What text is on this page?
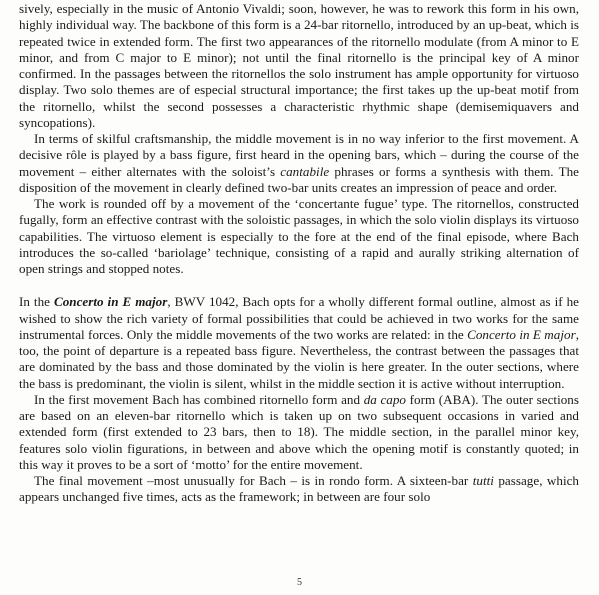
sively, especially in the music of Antonio Vivaldi; soon, however, he was to rework this form in his own, highly individual way. The backbone of this form is a 24-bar ritornello, introduced by an up-beat, which is repeated twice in extended form. The first two appearances of the ritornello modulate (from A minor to E minor, and from C major to E minor); not until the final ritornello is the principal key of A minor confirmed. In the passages between the ritornellos the solo instrument has ample opportunity for virtuoso display. Two solo themes are of especial structural importance; the first takes up the up-beat motif from the ritornello, whilst the second possesses a characteristic rhythmic shape (demisemiquavers and syncopations).

In terms of skilful craftsmanship, the middle movement is in no way inferior to the first movement. A decisive rôle is played by a bass figure, first heard in the opening bars, which – during the course of the movement – either alternates with the soloist’s cantabile phrases or forms a synthesis with them. The disposition of the movement in clearly defined two-bar units creates an impression of peace and order.

The work is rounded off by a movement of the ‘concertante fugue’ type. The ritornellos, constructed fugally, form an effective contrast with the soloistic passages, in which the solo violin displays its virtuoso capabilities. The virtuoso element is especially to the fore at the end of the final episode, where Bach introduces the so-called ‘bariolage’ technique, consisting of a rapid and aurally striking alternation of open strings and stopped notes.

In the Concerto in E major, BWV 1042, Bach opts for a wholly different formal outline, almost as if he wished to show the rich variety of formal possibilities that could be achieved in two works for the same instrumental forces. Only the middle movements of the two works are related: in the Concerto in E major, too, the point of departure is a repeated bass figure. Nevertheless, the contrast between the passages that are dominated by the bass and those dominated by the violin is here greater. In the outer sections, where the bass is predominant, the violin is silent, whilst in the middle section it is active without interruption.

In the first movement Bach has combined ritornello form and da capo form (ABA). The outer sections are based on an eleven-bar ritornello which is taken up on two subsequent occasions in varied and extended form (first extended to 23 bars, then to 18). The middle section, in the parallel minor key, features solo violin figurations, in between and above which the opening motif is constantly quoted; in this way it proves to be a sort of ‘motto’ for the entire movement.

The final movement –most unusually for Bach – is in rondo form. A sixteen-bar tutti passage, which appears unchanged five times, acts as the framework; in between are four solo

5
